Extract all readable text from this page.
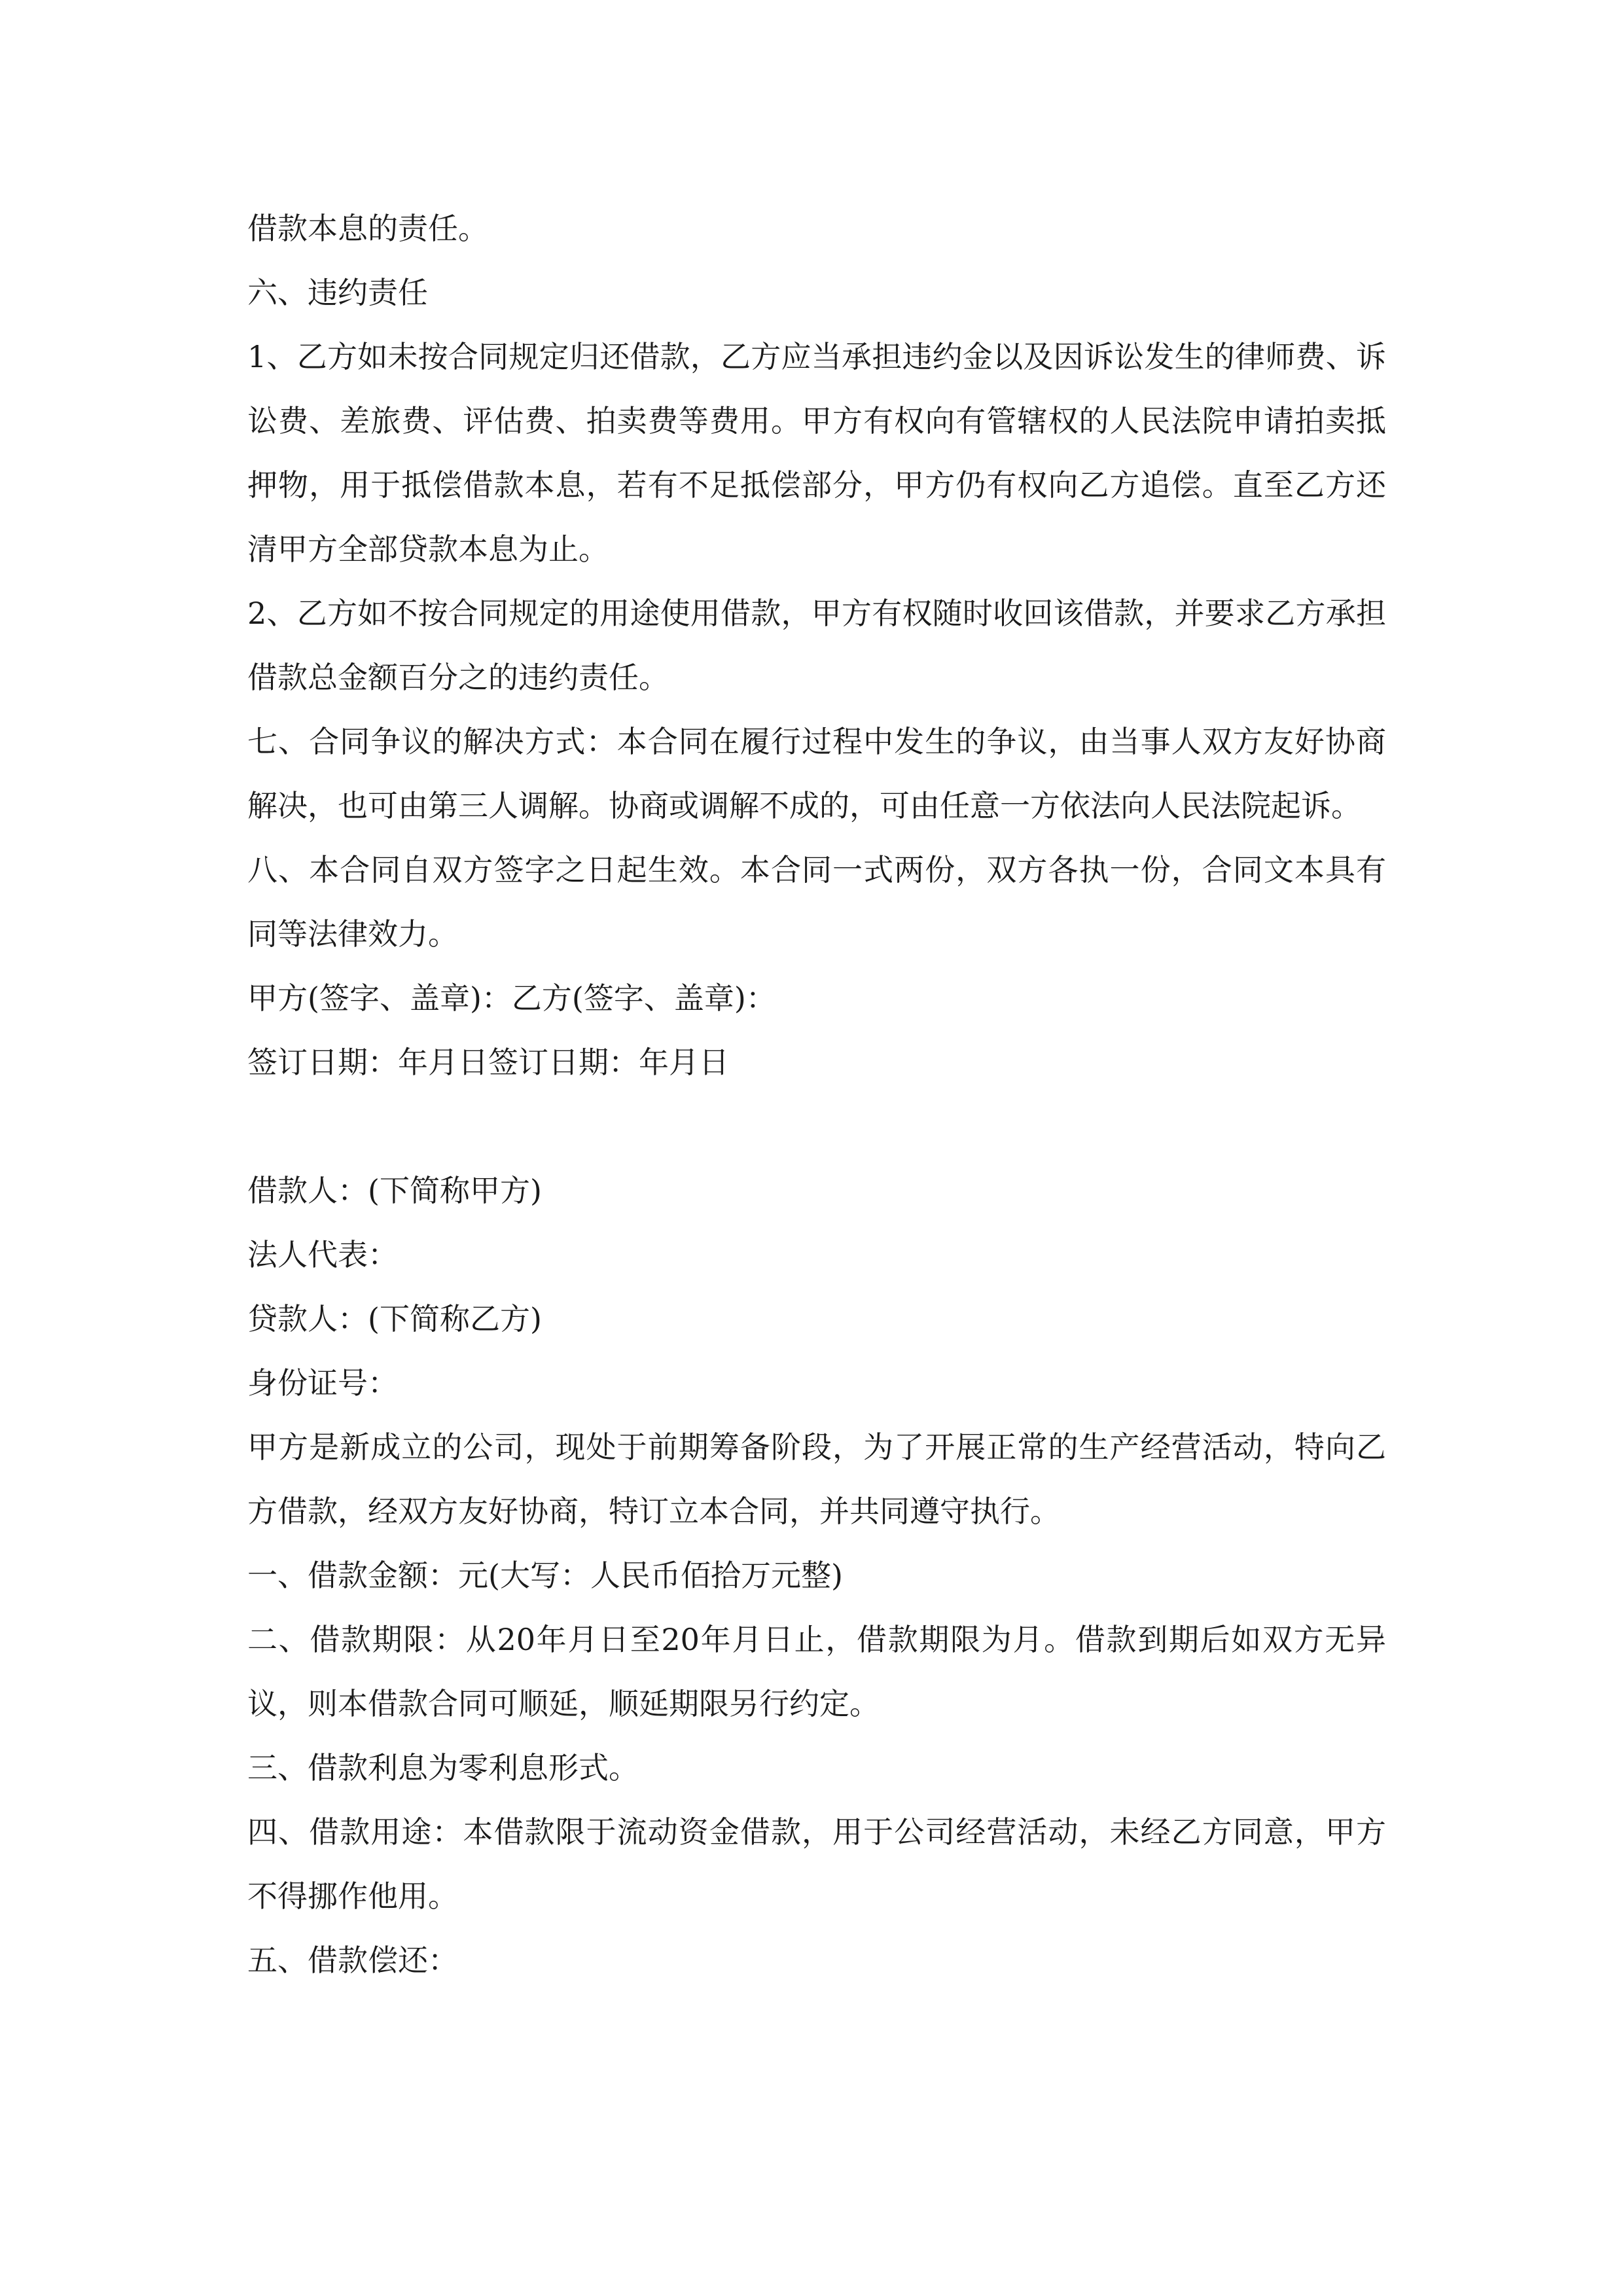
借款本息的责任。

六、违约责任

1、乙方如未按合同规定归还借款，乙方应当承担违约金以及因诉讼发生的律师费、诉讼费、差旅费、评估费、拍卖费等费用。甲方有权向有管辖权的人民法院申请拍卖抵押物，用于抵偿借款本息，若有不足抵偿部分，甲方仍有权向乙方追偿。直至乙方还清甲方全部贷款本息为止。

2、乙方如不按合同规定的用途使用借款，甲方有权随时收回该借款，并要求乙方承担借款总金额百分之的违约责任。

七、合同争议的解决方式：本合同在履行过程中发生的争议，由当事人双方友好协商解决，也可由第三人调解。协商或调解不成的，可由任意一方依法向人民法院起诉。

八、本合同自双方签字之日起生效。本合同一式两份，双方各执一份，合同文本具有同等法律效力。

甲方(签字、盖章)：乙方(签字、盖章)：

签订日期：年月日签订日期：年月日

借款人：(下简称甲方)

法人代表：

贷款人：(下简称乙方)

身份证号：

甲方是新成立的公司，现处于前期筹备阶段，为了开展正常的生产经营活动，特向乙方借款，经双方友好协商，特订立本合同，并共同遵守执行。

一、借款金额：元(大写：人民币佰拾万元整)

二、借款期限：从20年月日至20年月日止，借款期限为月。借款到期后如双方无异议，则本借款合同可顺延，顺延期限另行约定。

三、借款利息为零利息形式。

四、借款用途：本借款限于流动资金借款，用于公司经营活动，未经乙方同意，甲方不得挪作他用。

五、借款偿还：
